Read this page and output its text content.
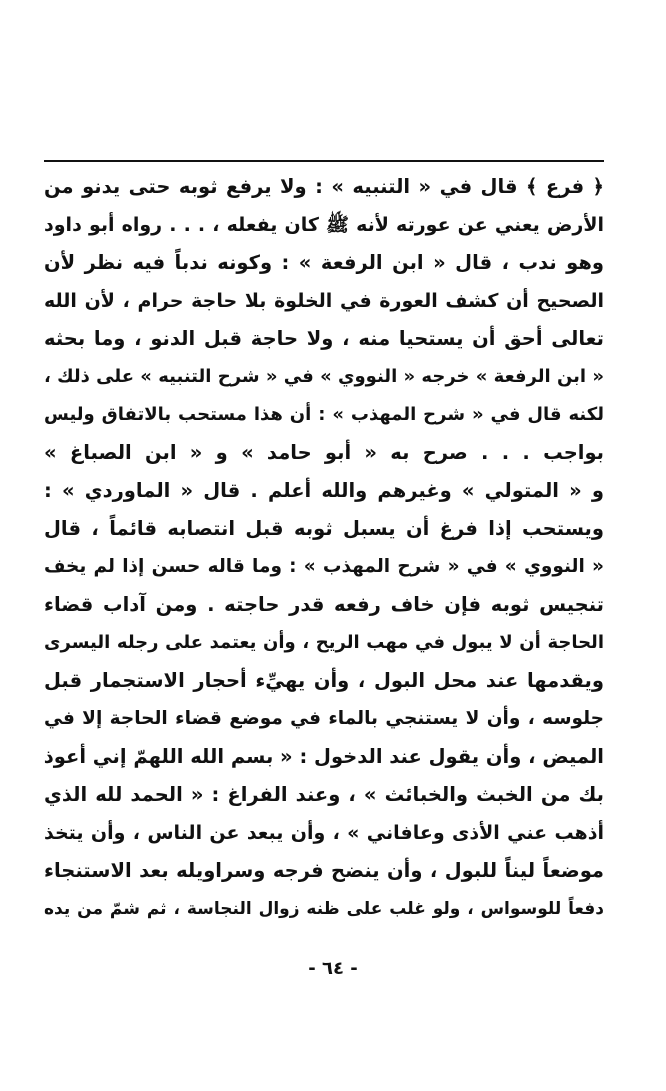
﴿ فرع ﴾ قال في « التنبيه » : ولا يرفع ثوبه حتى يدنو من
الأرض يعني عن عورته لأنه ﷺ كان يفعله ، . . . رواه أبو داود
وهو ندب ، قال « ابن الرفعة » : وكونه ندباً فيه نظر لأن
الصحيح أن كشف العورة في الخلوة بلا حاجة حرام ، لأن الله
تعالى أحق أن يستحيا منه ، ولا حاجة قبل الدنو ، وما بحثه
« ابن الرفعة » خرجه « النووي » في « شرح التنبيه » على ذلك ،
لكنه قال في « شرح المهذب » : أن هذا مستحب بالاتفاق وليس
بواجب . . . صرح به « أبو حامد » و « ابن الصباغ »
و « المتولي » وغيرهم والله أعلم . قال « الماوردي » :
ويستحب إذا فرغ أن يسبل ثوبه قبل انتصابه قائماً ، قال
« النووي » في « شرح المهذب » : وما قاله حسن إذا لم يخف
تنجيس ثوبه فإن خاف رفعه قدر حاجته . ومن آداب قضاء
الحاجة أن لا يبول في مهب الريح ، وأن يعتمد على رجله اليسرى
ويقدمها عند محل البول ، وأن يهيِّء أحجار الاستجمار قبل
جلوسه ، وأن لا يستنجي بالماء في موضع قضاء الحاجة إلا في
الميض ، وأن يقول عند الدخول : « بسم الله اللهمّ إني أعوذ
بك من الخبث والخبائث » ، وعند الفراغ : « الحمد لله الذي
أذهب عني الأذى وعافاني » ، وأن يبعد عن الناس ، وأن يتخذ
موضعاً ليناً للبول ، وأن ينضح فرجه وسراويله بعد الاستنجاء
دفعاً للوسواس ، ولو غلب على ظنه زوال النجاسة ، ثم شمّ من يده
- ٦٤ -
